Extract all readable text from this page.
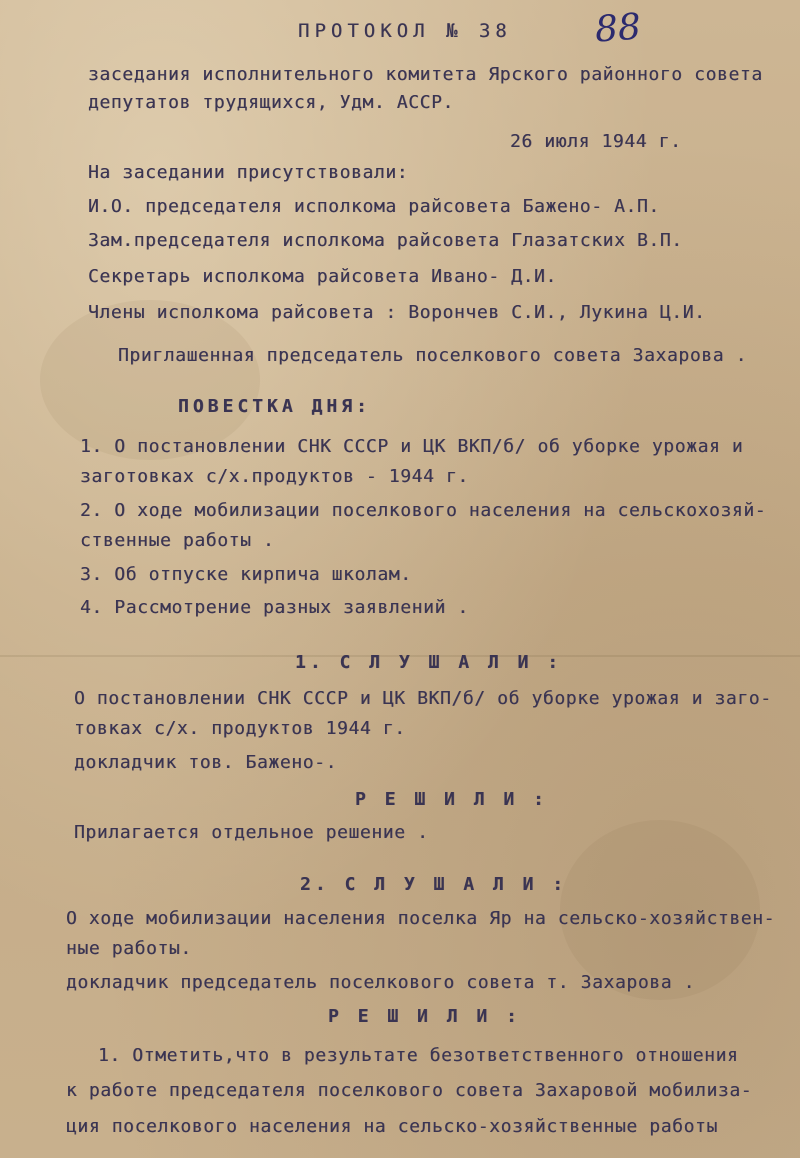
88
ПРОТОКОЛ № 38
заседания исполнительного комитета Ярского районного совета
депутатов трудящихся, Удм. АССР.
26 июля 1944 г.
На заседании присутствовали:
И.О. председателя исполкома райсовета Бажено- А.П.
Зам.председателя исполкома райсовета Глазатских В.П.
Секретарь исполкома райсовета Ивано- Д.И.
Члены исполкома райсовета : Ворончев С.И., Лукина Ц.И.
Приглашенная председатель поселкового совета Захарова .
ПОВЕСТКА ДНЯ:
1. О постановлении СНК СССР и ЦК ВКП/б/ об уборке урожая и
заготовках с/х.продуктов - 1944 г.
2. О ходе мобилизации поселкового населения на сельскохозяй-
ственные работы .
3. Об отпуске кирпича школам.
4. Рассмотрение разных заявлений .
1. С Л У Ш А Л И :
О постановлении СНК СССР и ЦК ВКП/б/ об уборке урожая и заго-
товках с/х. продуктов 1944 г.
докладчик тов. Бажено-.
Р Е Ш И Л И :
Прилагается отдельное решение .
2. С Л У Ш А Л И :
О ходе мобилизации населения поселка Яр на сельско-хозяйствен-
ные работы.
докладчик председатель поселкового совета т. Захарова .
Р Е Ш И Л И :
1. Отметить,что в результате безответственного отношения
к работе председателя поселкового совета Захаровой мобилиза-
ция поселкового населения на сельско-хозяйственные работы
